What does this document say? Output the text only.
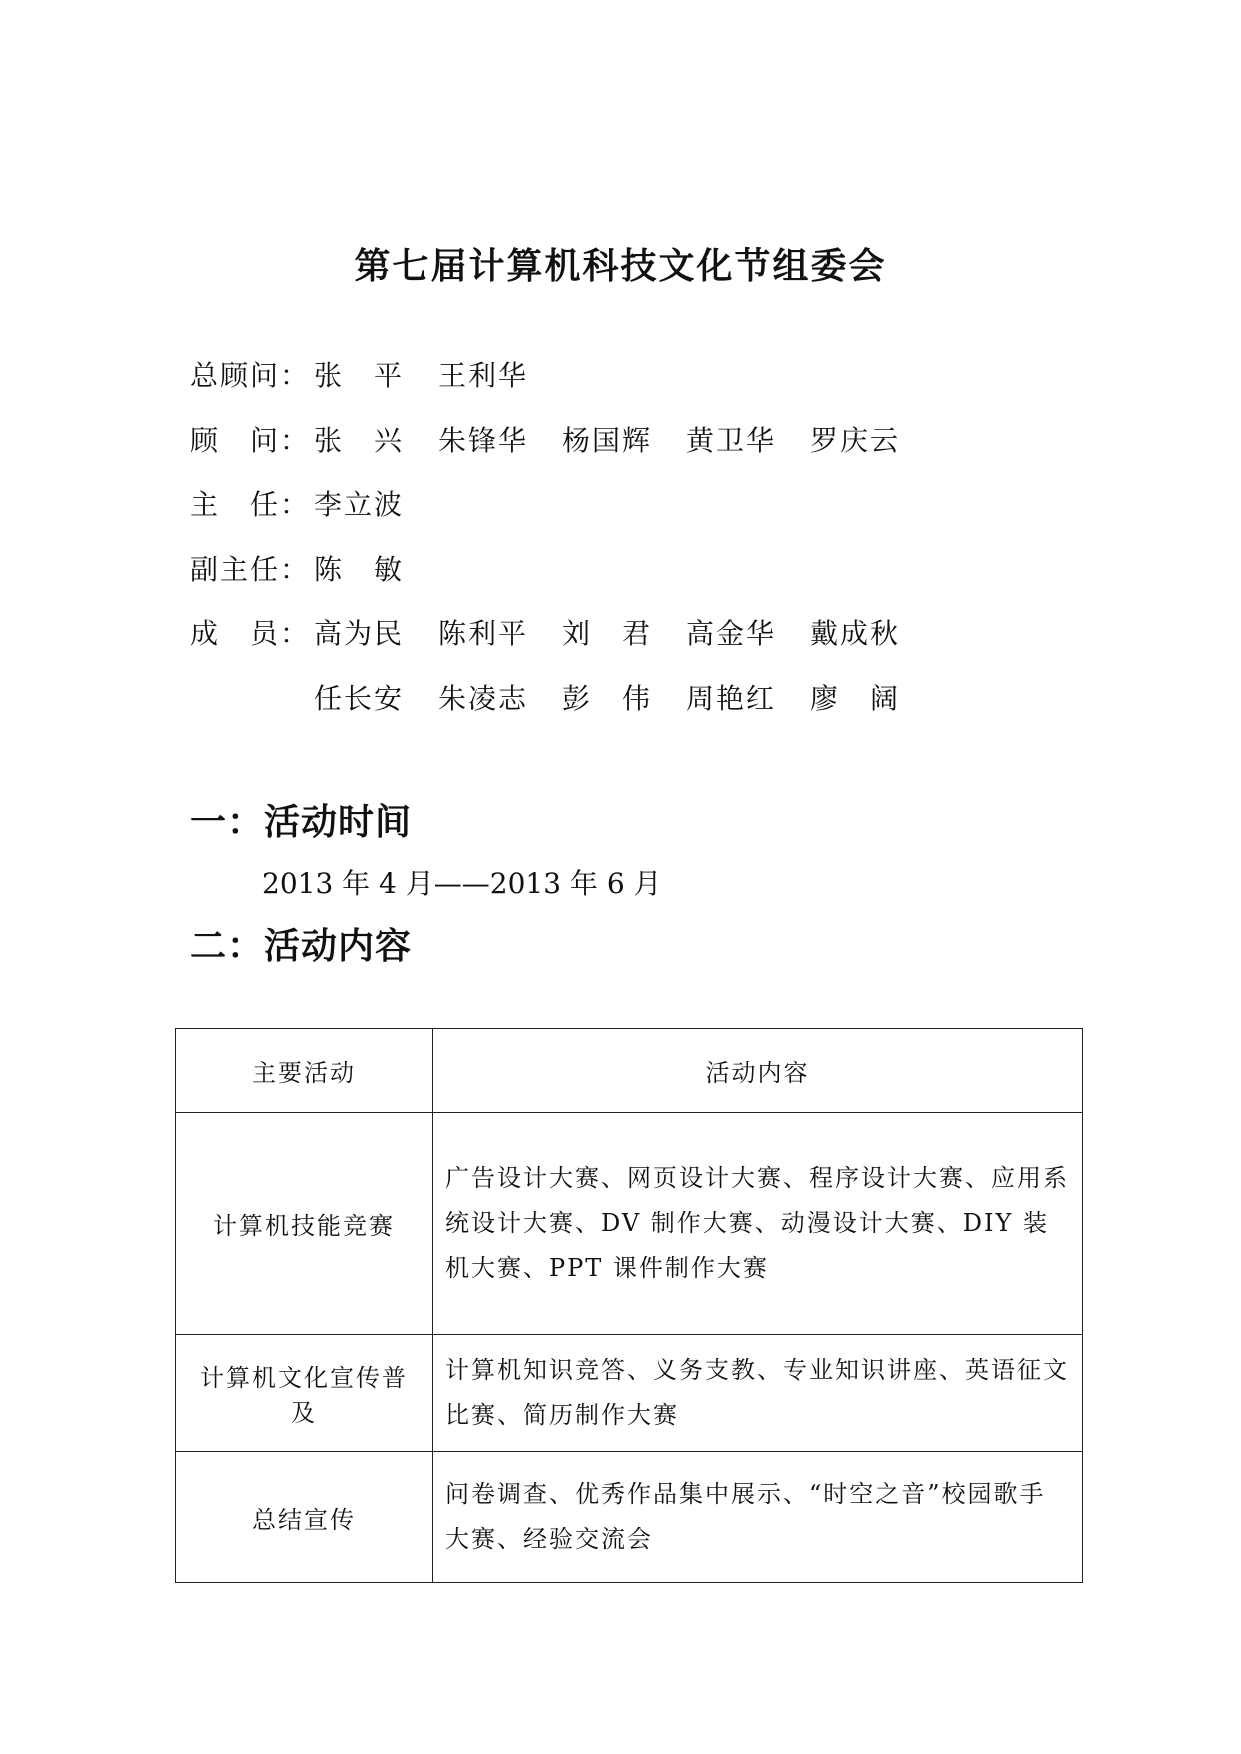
第七届计算机科技文化节组委会
总顾问： 张　平 王利华
顾　问： 张　兴 朱锋华 杨国辉 黄卫华 罗庆云
主　任： 李立波
副主任： 陈　敏
成　员： 高为民 陈利平 刘　君 高金华 戴成秋
任长安 朱凌志 彭　伟 周艳红 廖　阔
一：活动时间
2013 年 4 月——2013 年 6 月
二：活动内容
主要活动	活动内容
计算机技能竞赛	广告设计大赛、网页设计大赛、程序设计大赛、应用系统设计大赛、DV 制作大赛、动漫设计大赛、DIY 装机大赛、PPT 课件制作大赛
计算机文化宣传普及	计算机知识竞答、义务支教、专业知识讲座、英语征文比赛、简历制作大赛
总结宣传	问卷调查、优秀作品集中展示、“时空之音”校园歌手大赛、经验交流会
